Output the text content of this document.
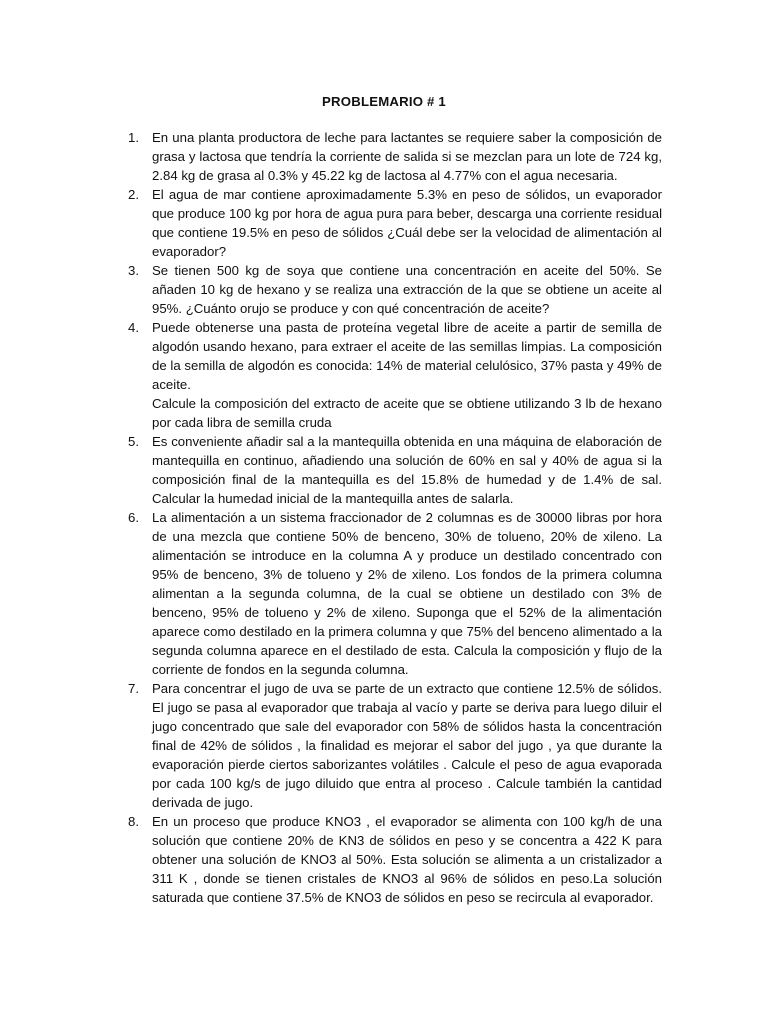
PROBLEMARIO # 1
1. En una planta productora de leche para lactantes se requiere saber la composición de grasa y lactosa que tendría la corriente de salida si se mezclan para un lote de 724 kg, 2.84 kg de grasa al 0.3% y 45.22 kg de lactosa al 4.77% con el agua necesaria.

2. El agua de mar contiene aproximadamente 5.3% en peso de sólidos, un evaporador que produce 100 kg por hora de agua pura para beber, descarga una corriente residual que contiene 19.5% en peso de sólidos ¿Cuál debe ser la velocidad de alimentación al evaporador?

3. Se tienen 500 kg de soya que contiene una concentración en aceite del 50%. Se añaden 10 kg de hexano y se realiza una extracción de la que se obtiene un aceite al 95%. ¿Cuánto orujo se produce y con qué concentración de aceite?

4. Puede obtenerse una pasta de proteína vegetal libre de aceite a partir de semilla de algodón usando hexano, para extraer el aceite de las semillas limpias. La composición de la semilla de algodón es conocida: 14% de material celulósico, 37% pasta y 49% de aceite.

Calcule la composición del extracto de aceite que se obtiene utilizando 3 lb de hexano por cada libra de semilla cruda

5. Es conveniente añadir sal a la mantequilla obtenida en una máquina de elaboración de mantequilla en continuo, añadiendo una solución de 60% en sal y 40% de agua si la composición final de la mantequilla es del 15.8% de humedad y de 1.4% de sal. Calcular la humedad inicial de la mantequilla antes de salarla.

6. La alimentación a un sistema fraccionador de 2 columnas es de 30000 libras por hora de una mezcla que contiene 50% de benceno, 30% de tolueno, 20% de xileno. La alimentación se introduce en la columna A y produce un destilado concentrado con 95% de benceno, 3% de tolueno y 2% de xileno. Los fondos de la primera columna alimentan a la segunda columna, de la cual se obtiene un destilado con 3% de benceno, 95% de tolueno y 2% de xileno. Suponga que el 52% de la alimentación aparece como destilado en la primera columna y que 75% del benceno alimentado a la segunda columna aparece en el destilado de esta. Calcula la composición y flujo de la corriente de fondos en la segunda columna.

7. Para concentrar el jugo de uva se parte de un extracto que contiene 12.5% de sólidos. El jugo se pasa al evaporador que trabaja al vacío y parte se deriva para luego diluir el jugo concentrado que sale del evaporador con 58% de sólidos hasta la concentración final de 42% de sólidos , la finalidad es mejorar el sabor del jugo , ya que durante la evaporación pierde ciertos saborizantes volátiles . Calcule el peso de agua evaporada por cada 100 kg/s de jugo diluido que entra al proceso . Calcule también la cantidad derivada de jugo.

8. En un proceso que produce KNO3 , el evaporador se alimenta con 100 kg/h de una solución que contiene 20% de KN3 de sólidos en peso y se concentra a 422 K para obtener una solución de KNO3 al 50%. Esta solución se alimenta a un cristalizador a 311 K , donde se tienen cristales de KNO3 al 96% de sólidos en peso.La solución saturada que contiene 37.5% de KNO3 de sólidos en peso se recircula al evaporador.
